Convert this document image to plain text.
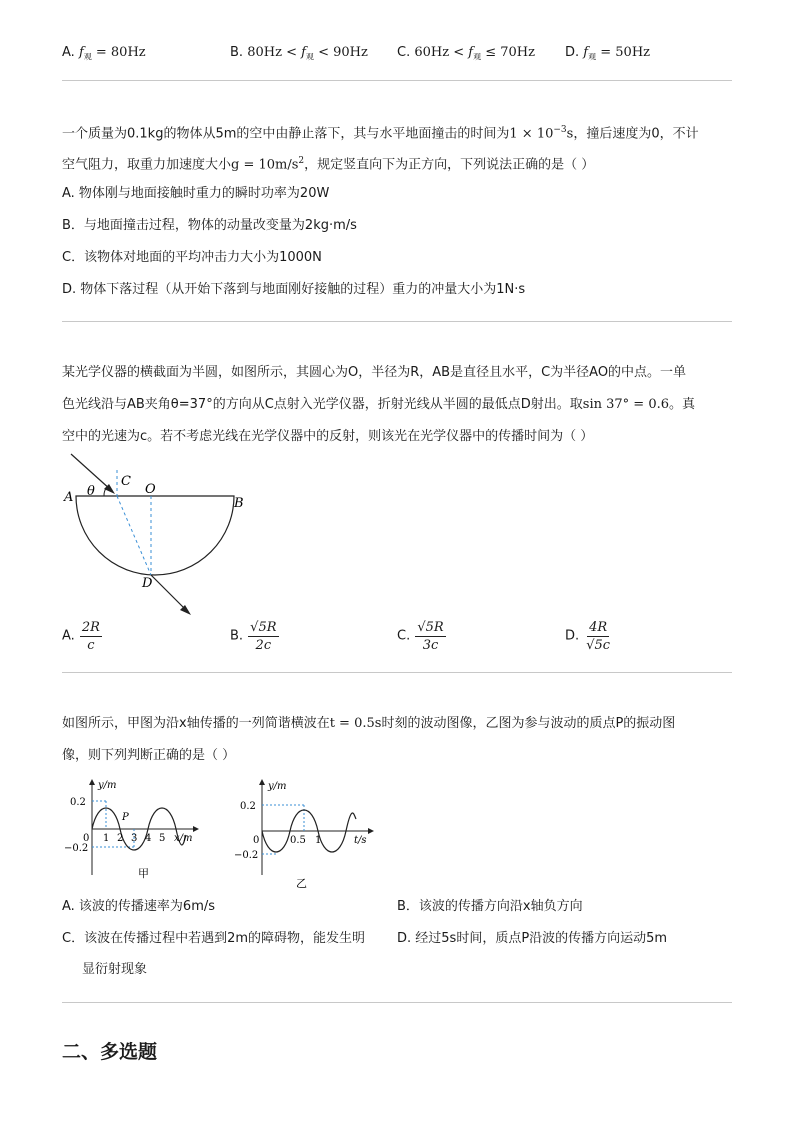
A. $f_观 = 80Hz$	B. $80Hz < f_观 < 90Hz$ C. $60Hz < f_观 \le 70Hz$ D. $f_观 = 50Hz$
一个质量为0.1kg的物体从5m的空中由静止落下，其与水平地面撞击的时间为$1 \times 10^{-3}s$，撞后速度为0，不计
空气阻力，取重力加速度大小$g = 10m/s^2$，规定竖直向下为正方向，下列说法正确的是（ ）
A. 物体刚与地面接触时重力的瞬时功率为20W
B．与地面撞击过程，物体的动量改变量为2kg·m/s
C．该物体对地面的平均冲击力大小为1000N
D. 物体下落过程（从开始下落到与地面刚好接触的过程）重力的冲量大小为1N·s
某光学仪器的横截面为半圆，如图所示，其圆心为O，半径为R，AB是直径且水平，C为半径AO的中点。一单
色光线沿与AB夹角θ=37°的方向从C点射入光学仪器，折射光线从半圆的最低点D射出。取sin 37° = 0.6。真
空中的光速为c。若不考虑光线在光学仪器中的反射，则该光在光学仪器中的传播时间为（ ）
A	B
C
O
D
θ
A. $\frac{2R}{c}$	B. $\frac{√5R}{2c}$	C. $\frac{√5R}{3c}$	D. $\frac{4R}{√5c}$
如图所示，甲图为沿x轴传播的一列简谐横波在t = 0.5s时刻的波动图像，乙图为参与波动的质点P的振动图
像，则下列判断正确的是（ ）
y/m
x/m
0.2
−0.2
0 1 2 3 4 5
P
甲
y/m
t/s
0.2
−0.2
0	0.5 1
乙
A. 该波的传播速率为6m/s	B．该波的传播方向沿x轴负方向
C．该波在传播过程中若遇到2m的障碍物，能发生明
显衍射现象
D. 经过5s时间，质点P沿波的传播方向运动5m
二、多选题
